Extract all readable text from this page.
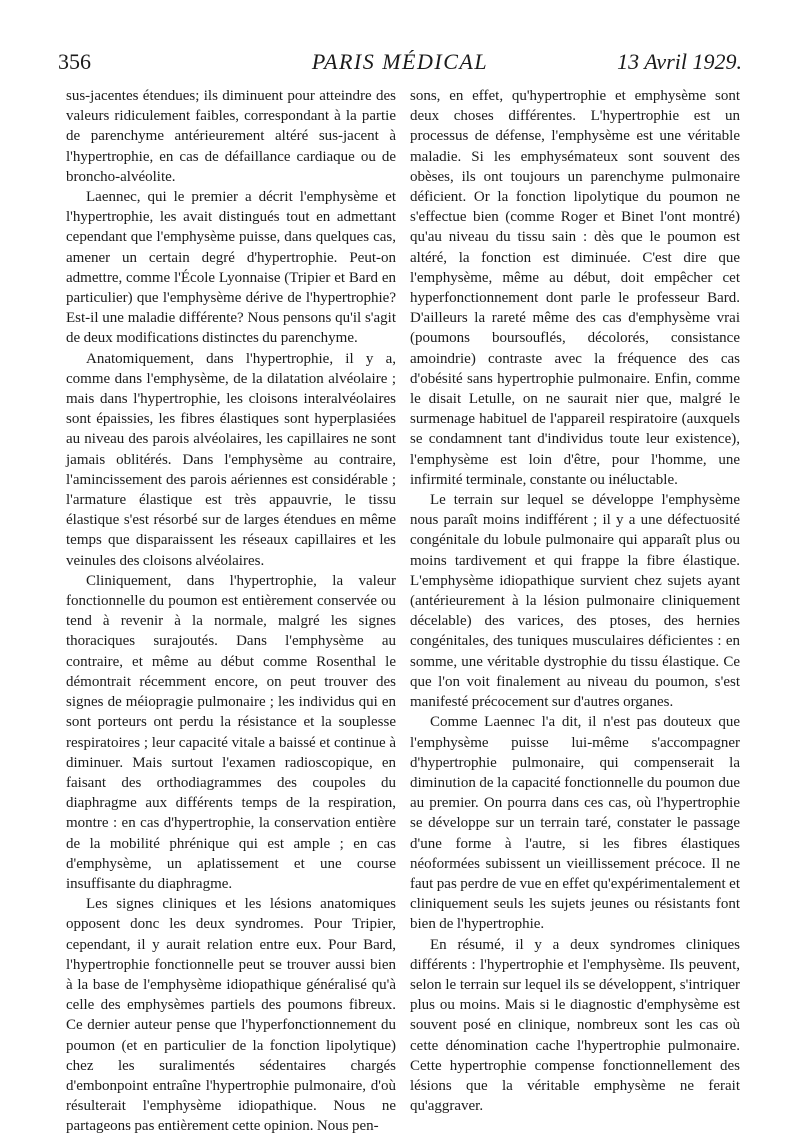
356	PARIS MÉDICAL	13 Avril 1929.

sus-jacentes étendues; ils diminuent pour atteindre des valeurs ridiculement faibles, correspondant à la partie de parenchyme antérieurement altéré sus-jacent à l'hypertrophie, en cas de défaillance cardiaque ou de broncho-alvéolite.

Laennec, qui le premier a décrit l'emphysème et l'hypertrophie, les avait distingués tout en admettant cependant que l'emphysème puisse, dans quelques cas, amener un certain degré d'hypertrophie. Peut-on admettre, comme l'École Lyonnaise (Tripier et Bard en particulier) que l'emphysème dérive de l'hypertrophie? Est-il une maladie différente? Nous pensons qu'il s'agit de deux modifications distinctes du parenchyme.

Anatomiquement, dans l'hypertrophie, il y a, comme dans l'emphysème, de la dilatation alvéolaire ; mais dans l'hypertrophie, les cloisons interalvéolaires sont épaissies, les fibres élastiques sont hyperplasiées au niveau des parois alvéolaires, les capillaires ne sont jamais oblitérés. Dans l'emphysème au contraire, l'amincissement des parois aériennes est considérable ; l'armature élastique est très appauvrie, le tissu élastique s'est résorbé sur de larges étendues en même temps que disparaissent les réseaux capillaires et les veinules des cloisons alvéolaires.

Cliniquement, dans l'hypertrophie, la valeur fonctionnelle du poumon est entièrement conservée ou tend à revenir à la normale, malgré les signes thoraciques surajoutés. Dans l'emphysème au contraire, et même au début comme Rosenthal le démontrait récemment encore, on peut trouver des signes de méiopragie pulmonaire ; les individus qui en sont porteurs ont perdu la résistance et la souplesse respiratoires ; leur capacité vitale a baissé et continue à diminuer. Mais surtout l'examen radioscopique, en faisant des orthodiagrammes des coupoles du diaphragme aux différents temps de la respiration, montre : en cas d'hypertrophie, la conservation entière de la mobilité phrénique qui est ample ; en cas d'emphysème, un aplatissement et une course insuffisante du diaphragme.

Les signes cliniques et les lésions anatomiques opposent donc les deux syndromes. Pour Tripier, cependant, il y aurait relation entre eux. Pour Bard, l'hypertrophie fonctionnelle peut se trouver aussi bien à la base de l'emphysème idiopathique généralisé qu'à celle des emphysèmes partiels des poumons fibreux. Ce dernier auteur pense que l'hyperfonctionnement du poumon (et en particulier de la fonction lipolytique) chez les suralimentés sédentaires chargés d'embonpoint entraîne l'hypertrophie pulmonaire, d'où résulterait l'emphysème idiopathique. Nous ne partageons pas entièrement cette opinion. Nous pen-

sons, en effet, qu'hypertrophie et emphysème sont deux choses différentes. L'hypertrophie est un processus de défense, l'emphysème est une véritable maladie. Si les emphysémateux sont souvent des obèses, ils ont toujours un parenchyme pulmonaire déficient. Or la fonction lipolytique du poumon ne s'effectue bien (comme Roger et Binet l'ont montré) qu'au niveau du tissu sain : dès que le poumon est altéré, la fonction est diminuée. C'est dire que l'emphysème, même au début, doit empêcher cet hyperfonctionnement dont parle le professeur Bard. D'ailleurs la rareté même des cas d'emphysème vrai (poumons boursouflés, décolorés, consistance amoindrie) contraste avec la fréquence des cas d'obésité sans hypertrophie pulmonaire. Enfin, comme le disait Letulle, on ne saurait nier que, malgré le surmenage habituel de l'appareil respiratoire (auxquels se condamnent tant d'individus toute leur existence), l'emphysème est loin d'être, pour l'homme, une infirmité terminale, constante ou inéluctable.

Le terrain sur lequel se développe l'emphysème nous paraît moins indifférent ; il y a une défectuosité congénitale du lobule pulmonaire qui apparaît plus ou moins tardivement et qui frappe la fibre élastique. L'emphysème idiopathique survient chez sujets ayant (antérieurement à la lésion pulmonaire cliniquement décelable) des varices, des ptoses, des hernies congénitales, des tuniques musculaires déficientes : en somme, une véritable dystrophie du tissu élastique. Ce que l'on voit finalement au niveau du poumon, s'est manifesté précocement sur d'autres organes.

Comme Laennec l'a dit, il n'est pas douteux que l'emphysème puisse lui-même s'accompagner d'hypertrophie pulmonaire, qui compenserait la diminution de la capacité fonctionnelle du poumon due au premier. On pourra dans ces cas, où l'hypertrophie se développe sur un terrain taré, constater le passage d'une forme à l'autre, si les fibres élastiques néoformées subissent un vieillissement précoce. Il ne faut pas perdre de vue en effet qu'expérimentalement et cliniquement seuls les sujets jeunes ou résistants font bien de l'hypertrophie.

En résumé, il y a deux syndromes cliniques différents : l'hypertrophie et l'emphysème. Ils peuvent, selon le terrain sur lequel ils se développent, s'intriquer plus ou moins. Mais si le diagnostic d'emphysème est souvent posé en clinique, nombreux sont les cas où cette dénomination cache l'hypertrophie pulmonaire. Cette hypertrophie compense fonctionnellement des lésions que la véritable emphysème ne ferait qu'aggraver.
